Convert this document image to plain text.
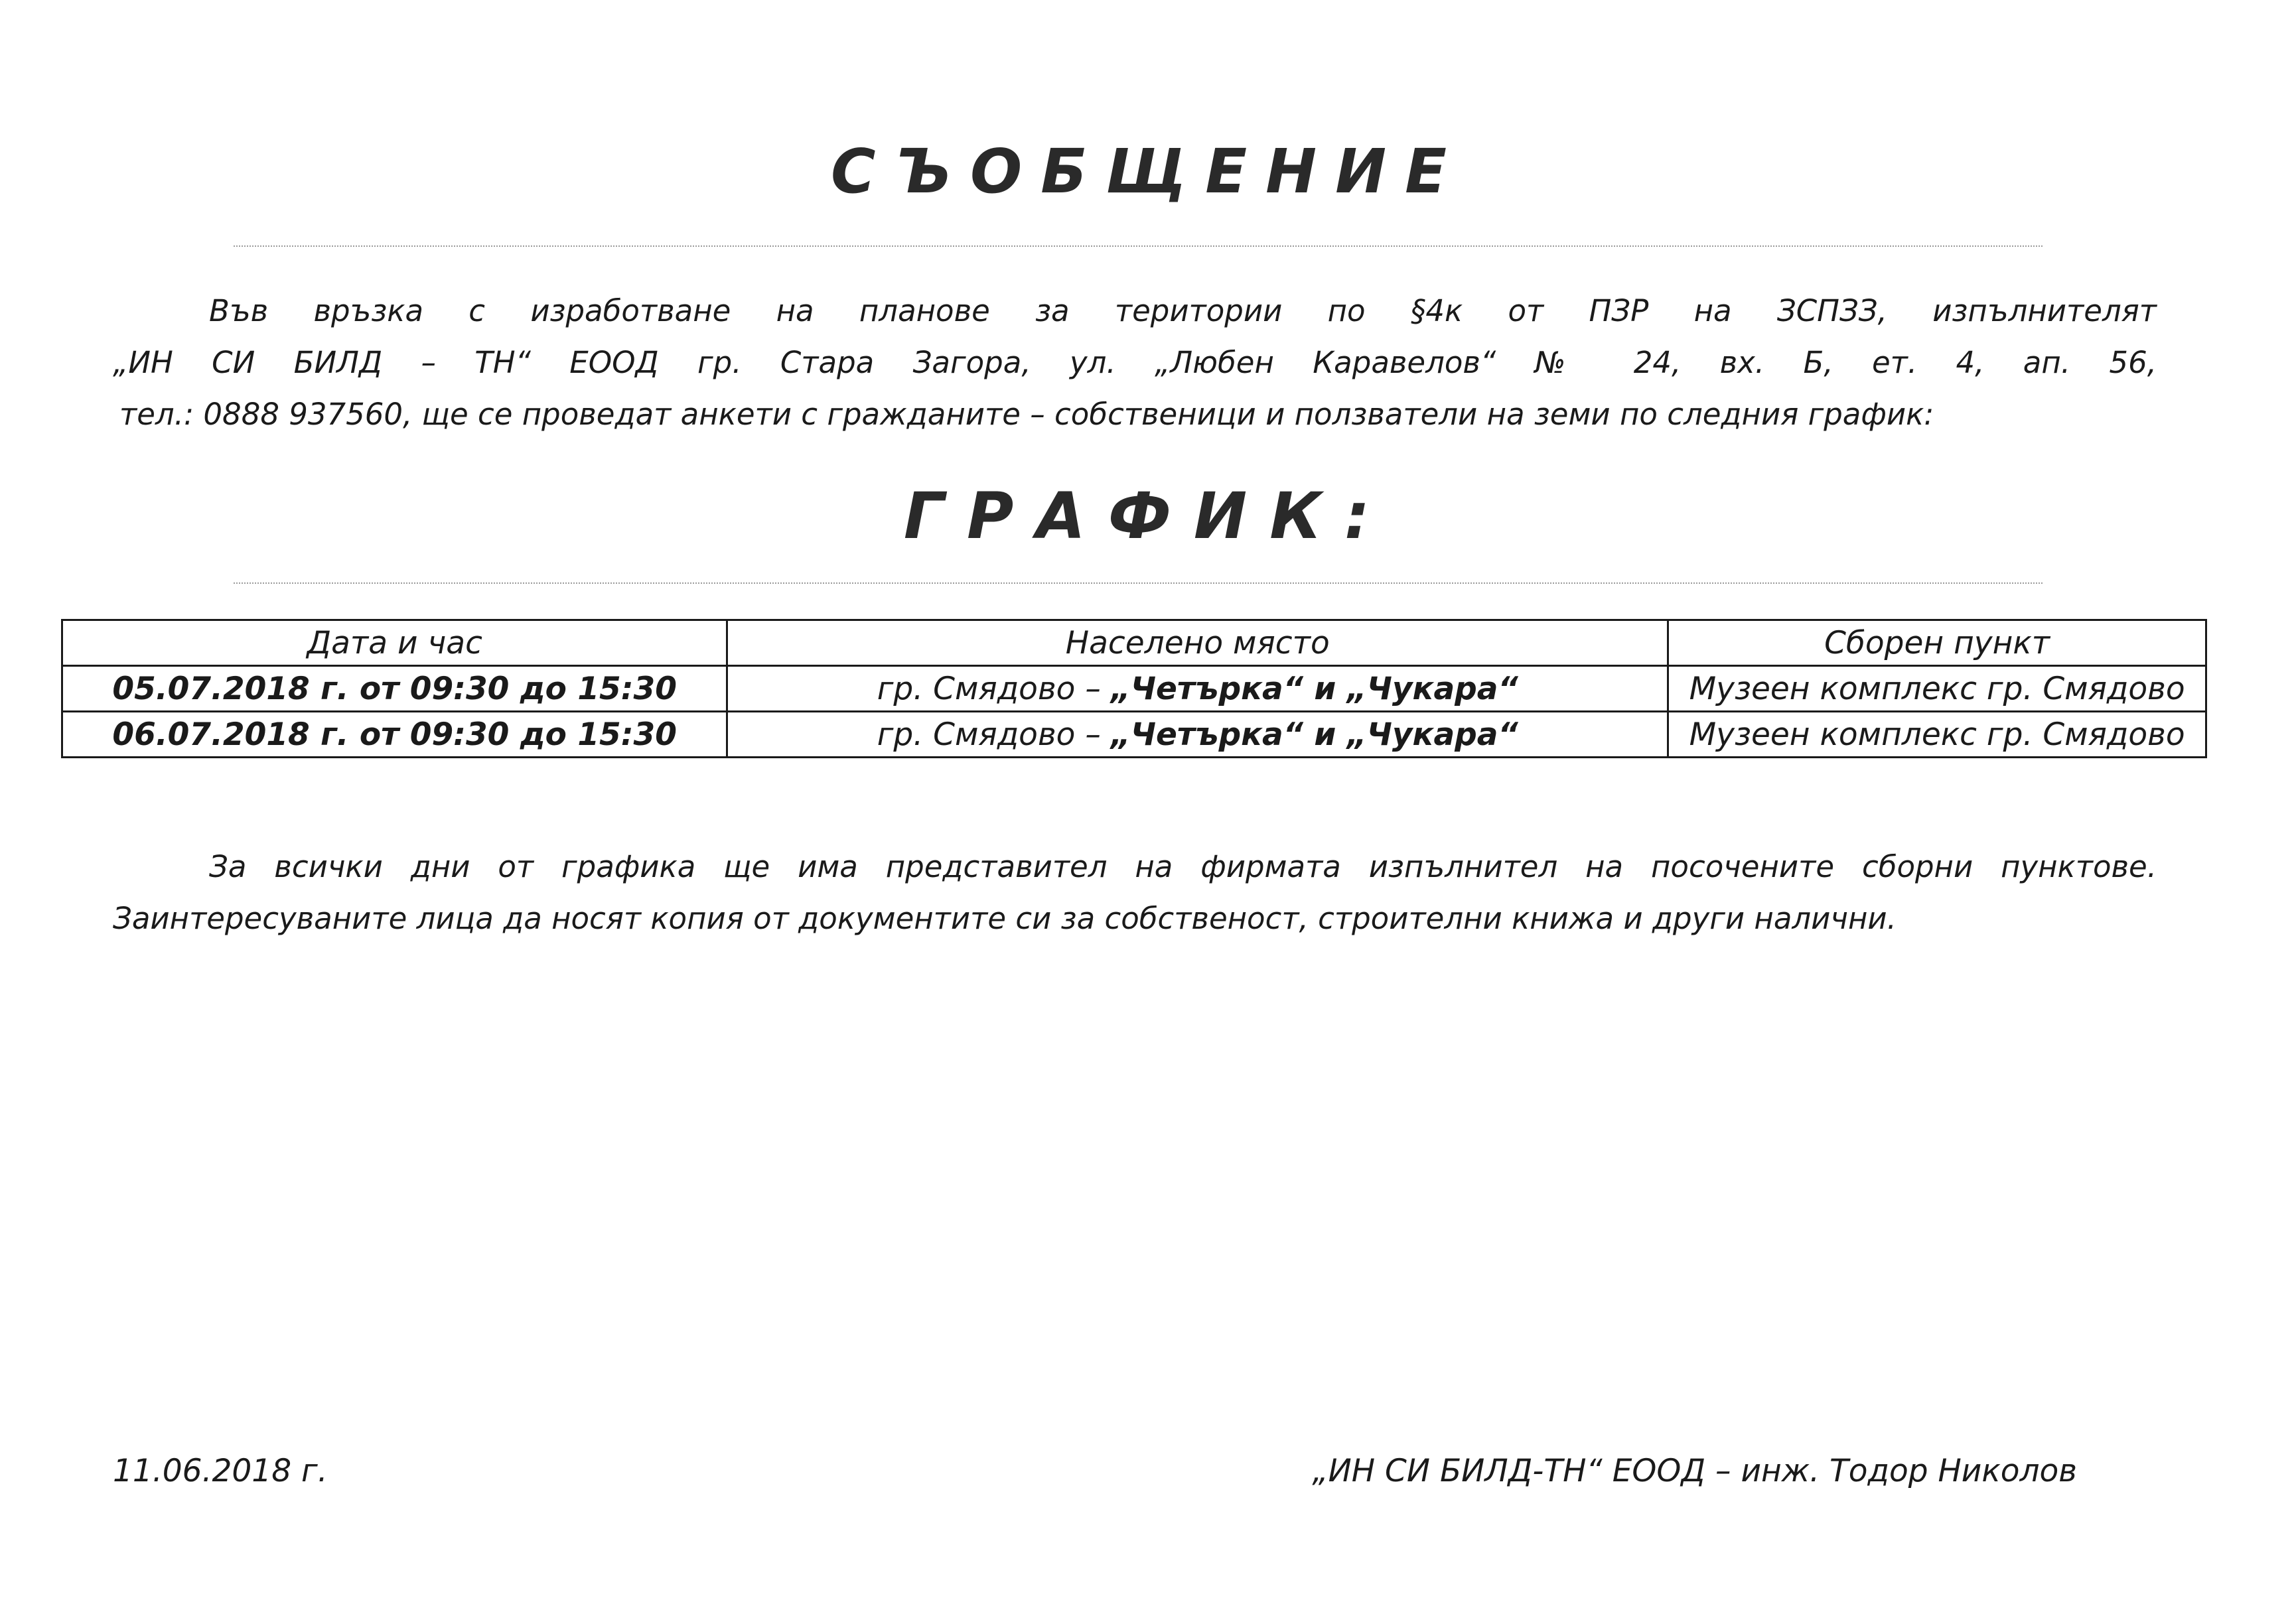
СЪОБЩЕНИЕ
Във връзка с изработване на планове за територии по §4к от ПЗР на ЗСПЗЗ, изпълнителят
„ИН СИ БИЛД – ТН“ ЕООД гр. Стара Загора, ул. „Любен Каравелов“ № 24, вх. Б, ет. 4, ап. 56,
тел.: 0888 937560, ще се проведат анкети с гражданите – собственици и ползватели на земи по следния график:
ГРАФИК:
Дата и час	Населено място	Сборен пункт
05.07.2018 г. от 09:30 до 15:30	гр. Смядово – „Четърка“ и „Чукара“	Музеен комплекс гр. Смядово
06.07.2018 г. от 09:30 до 15:30	гр. Смядово – „Четърка“ и „Чукара“	Музеен комплекс гр. Смядово
За всички дни от графика ще има представител на фирмата изпълнител на посочените сборни пунктове.
Заинтересуваните лица да носят копия от документите си за собственост, строителни книжа и други налични.
11.06.2018 г.	„ИН СИ БИЛД-ТН“ ЕООД – инж. Тодор Николов
